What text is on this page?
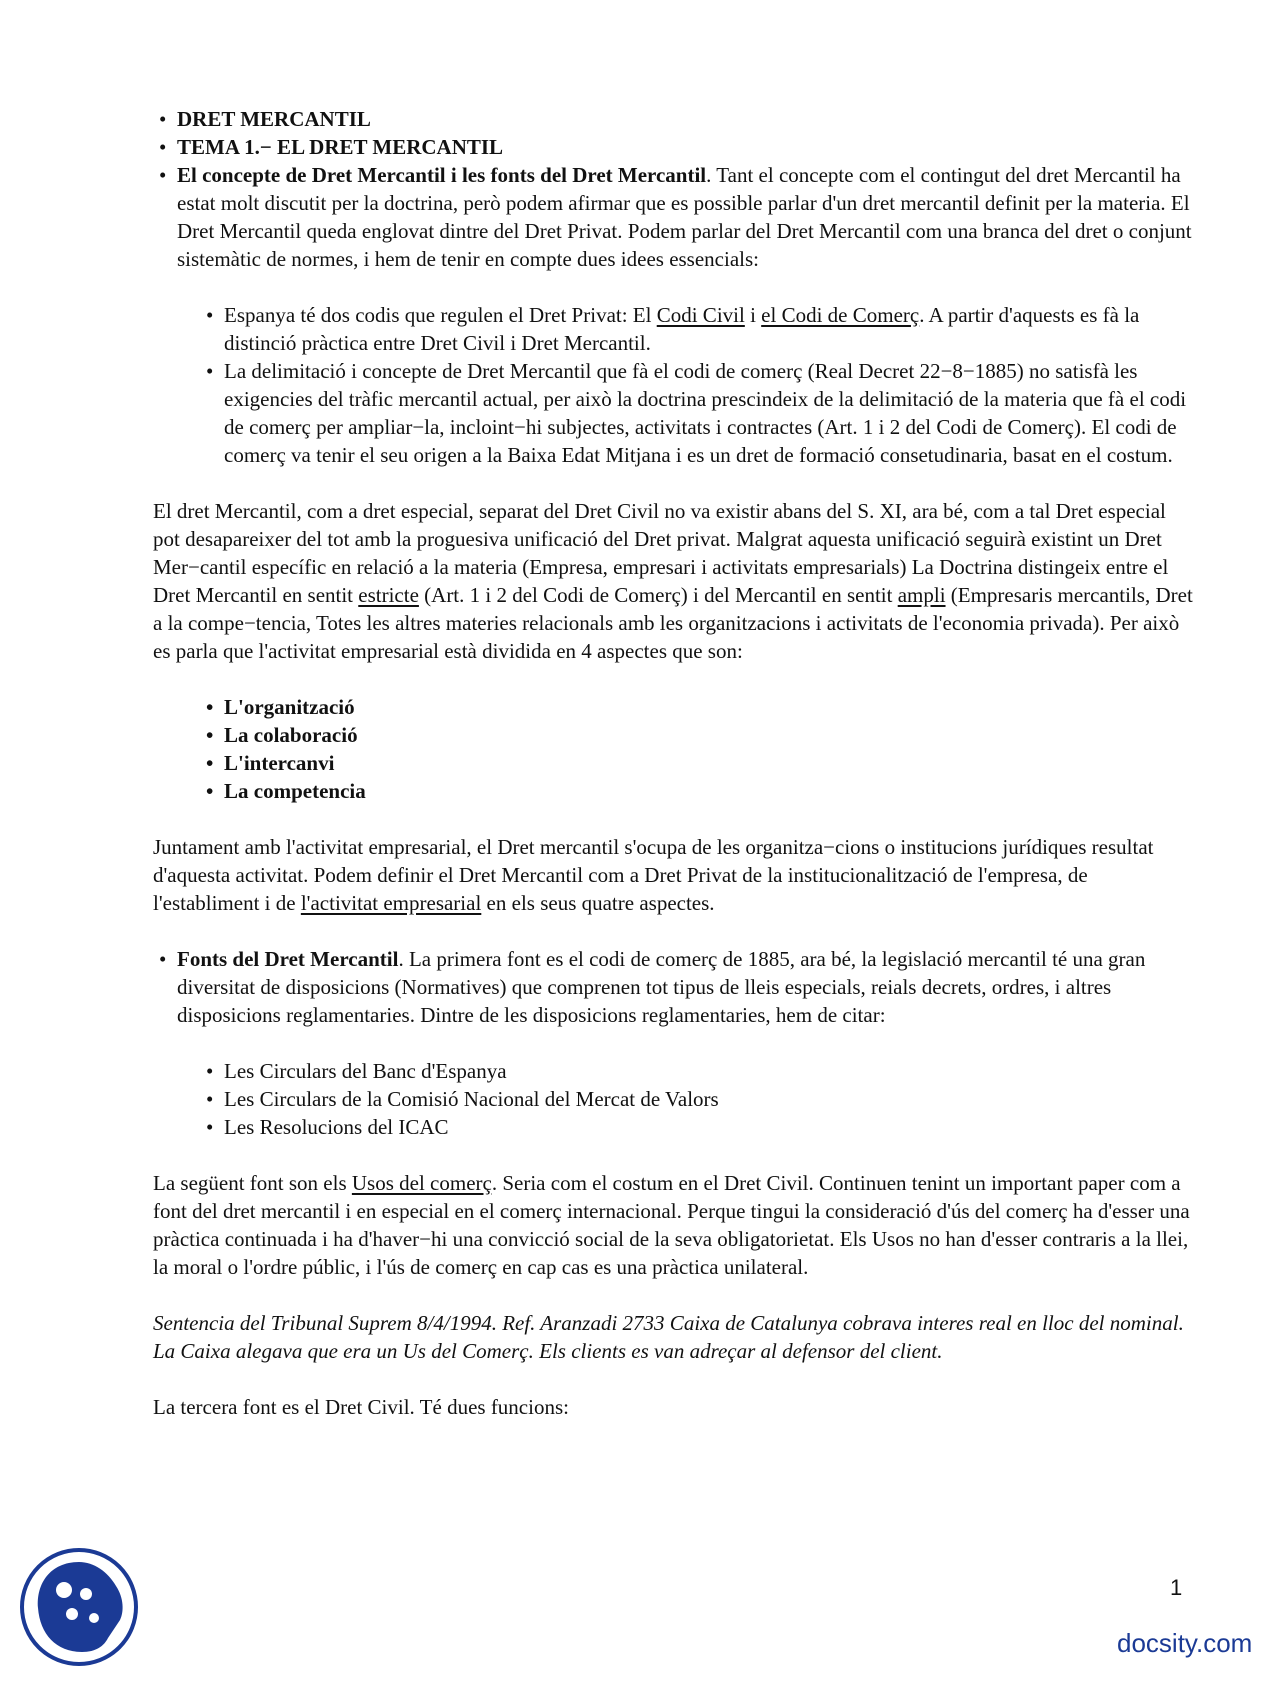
• DRET MERCANTIL
• TEMA 1.− EL DRET MERCANTIL
• El concepte de Dret Mercantil i les fonts del Dret Mercantil. Tant el concepte com el contingut del dret Mercantil ha estat molt discutit per la doctrina, però podem afirmar que es possible parlar d'un dret mercantil definit per la materia. El Dret Mercantil queda englovat dintre del Dret Privat. Podem parlar del Dret Mercantil com una branca del dret o conjunt sistemàtic de normes, i hem de tenir en compte dues idees essencials:
• Espanya té dos codis que regulen el Dret Privat: El Codi Civil i el Codi de Comerç. A partir d'aquests es fà la distinció pràctica entre Dret Civil i Dret Mercantil.
• La delimitació i concepte de Dret Mercantil que fà el codi de comerç (Real Decret 22−8−1885) no satisfà les exigencies del tràfic mercantil actual, per això la doctrina prescindeix de la delimitació de la materia que fà el codi de comerç per ampliar−la, incloint−hi subjectes, activitats i contractes (Art. 1 i 2 del Codi de Comerç). El codi de comerç va tenir el seu origen a la Baixa Edat Mitjana i es un dret de formació consetudinaria, basat en el costum.

El dret Mercantil, com a dret especial, separat del Dret Civil no va existir abans del S. XI, ara bé, com a tal Dret especial pot desapareixer del tot amb la proguesiva unificació del Dret privat. Malgrat aquesta unificació seguirà existint un Dret Mer−cantil específic en relació a la materia (Empresa, empresari i activitats empresarials) La Doctrina distingeix entre el Dret Mercantil en sentit estricte (Art. 1 i 2 del Codi de Comerç) i del Mercantil en sentit ampli (Empresaris mercantils, Dret a la compe−tencia, Totes les altres materies relacionals amb les organitzacions i activitats de l'economia privada). Per això es parla que l'activitat empresarial està dividida en 4 aspectes que son:

• L'organització
• La colaboració
• L'intercanvi
• La competencia

Juntament amb l'activitat empresarial, el Dret mercantil s'ocupa de les organitza−cions o institucions jurídiques resultat d'aquesta activitat. Podem definir el Dret Mercantil com a Dret Privat de la institucionalització de l'empresa, de l'establiment i de l'activitat empresarial en els seus quatre aspectes.

• Fonts del Dret Mercantil. La primera font es el codi de comerç de 1885, ara bé, la legislació mercantil té una gran diversitat de disposicions (Normatives) que comprenen tot tipus de lleis especials, reials decrets, ordres, i altres disposicions reglamentaries. Dintre de les disposicions reglamentaries, hem de citar:
• Les Circulars del Banc d'Espanya
• Les Circulars de la Comisió Nacional del Mercat de Valors
• Les Resolucions del ICAC

La següent font son els Usos del comerç. Seria com el costum en el Dret Civil. Continuen tenint un important paper com a font del dret mercantil i en especial en el comerç internacional. Perque tingui la consideració d'ús del comerç ha d'esser una pràctica continuada i ha d'haver−hi una convicció social de la seva obligatorietat. Els Usos no han d'esser contraris a la llei, la moral o l'ordre públic, i l'ús de comerç en cap cas es una pràctica unilateral.

Sentencia del Tribunal Suprem 8/4/1994. Ref. Aranzadi 2733 Caixa de Catalunya cobrava interes real en lloc del nominal. La Caixa alegava que era un Us del Comerç. Els clients es van adreçar al defensor del client.

La tercera font es el Dret Civil. Té dues funcions:

1
docsity.com
